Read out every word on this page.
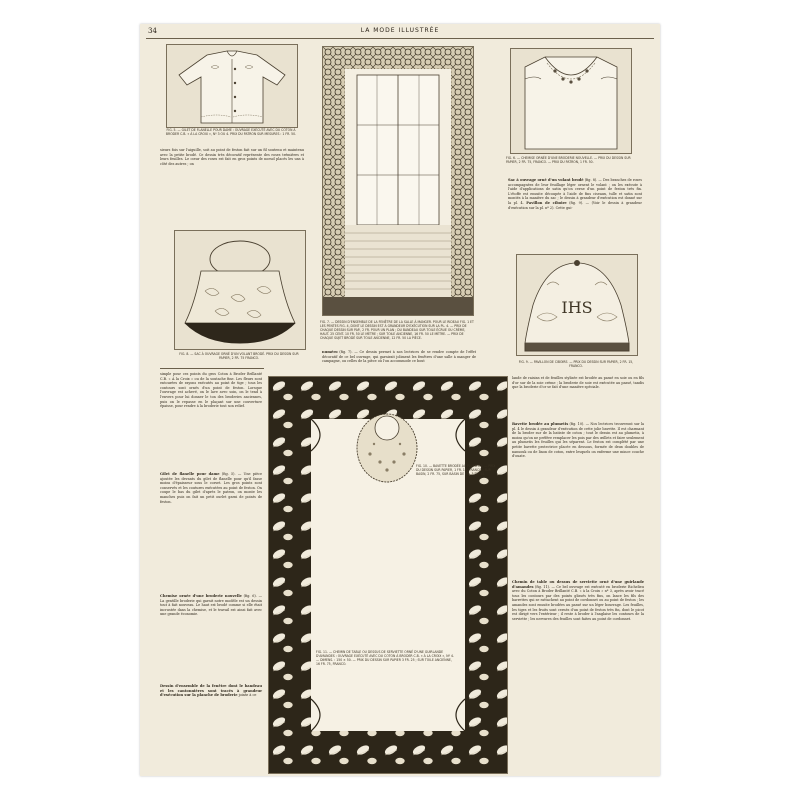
34	LA MODE ILLUSTRÉE
FIG. 5. — GILET DE FLANELLE POUR DAME : OUVRAGE EXÉCUTÉ AVEC DU COTON À BRODER C.B. « À LA CROIX », Nº 3 OU 4. PRIX DU PATRON SUR MESURES : 1 FR. 50.
sieurs fois sur l'aiguille, soit au point de feston fait sur un fil soutenu et maintenu avec la petite brodé. Ce dessin très décoratif représente des roses trémières et leurs feuilles. Le cœur des roses est fait en gros points de noeud placés les uns à côté des autres ; on
FIG. 7. — DESSIN D'ENSEMBLE DE LA FENÊTRE DE LA SALLE À MANGER. POUR LE RIDEAU FIG. 1 ET LES PENTES FIG. 4, DONT LE DESSIN EST À GRANDEUR D'EXÉCUTION SUR LA PL. 4. — PRIX DE CHAQUE DESSIN SUR PAP., 2 FR. POUR UN PLAN ; DU BANDEAU SUR TOILE ÉCRUE OU CRÈME, HAUT. 25 CENT. 10 FR. 50 LE MÈTRE ; SUR TOILE ANCIENNE, 16 FR. 50 LE MÈTRE. — PRIX DE CHAQUE SUJET BRODÉ SUR TOILE ANCIENNE, 12 FR. 50 LA PIÈCE.
FIG. 6. — CHEMISE ORNÉE D'UNE BRODERIE NOUVELLE. — PRIX DU DESSIN SUR PAPIER, 2 FR. 75, FRANCO. — PRIX DU PATRON, 1 FR. 50.
Sac à ouvrage orné d'un volant brodé (fig. 8). — Des branches de roses accompagnées de leur feuillage léger ornent le volant ; on les exécute à l'aide d'applications de satin qu'on cerne d'un point de feston très fin. L'étoffe est ensuite découpée à l'aide de fins ciseaux, tulle et satin sont montés à la manière du sac ; le dessin à grandeur d'exécution est donné sur la pl. 4. Pavillon de ciboire (fig. 9). — (Voir le dessin à grandeur d'exécution sur la pl. nº 2). Cette gui-
FIG. 8. — SAC À OUVRAGE ORNÉ D'UN VOLANT BRODÉ. PRIX DU DESSIN SUR PAPIER, 2 FR. 75 FRANCO.
IHS
FIG. 9. — PAVILLON DE CIBOIRE. — PRIX DU DESSIN SUR PAPIER, 2 FR. 15, FRANCO.
numéro (fig. 7). — Ce dessin permet à nos lectrices de se rendre compte de l'effet décoratif de ce bel ouvrage, qui garnirait joliment les fenêtres d'une salle à manger de campagne, ou celles de la pièce où l'on accommode ce bout
simple pour ces points du gros Coton à Broder Brillanté C.B. « À la Croix » ou de la soutache fine. Les fleurs sont entourées de rayons exécutés au point de tige ; tous les contours sont ornés d'un point de feston. Lorsque l'ouvrage est achevé, on le lave avec soin, on le tend à l'envers pour lui donner le ton des broderies anciennes, puis on le repasse en le plaçant sur une couverture épaisse, pour rendre à la broderie tout son relief.
Gilet de flanelle pour dame (fig. 5). — Une pièce ajoutée les devants du gilet de flanelle pour qu'il fasse moins d'épaisseur sous le corset. Les gros points sont conservés et les coutures exécutées au point de feston. On coupe le bas du gilet d'après le patron, on monte les manches puis on fait un petit ourlet garni de points de feston.
Chemise ornée d'une broderie nouvelle (fig. 6). — La gentille broderie qui garnit notre modèle est un dessin tout à fait nouveau. Le haut est brodé comme si elle était incrustée dans la chemise, et le travail est ainsi fait avec une grande économie.
Dessin d'ensemble de la fenêtre dont le bandeau et les cantonnières sont tracés à grandeur d'exécution sur la planche de broderie jointe à ce
FIG. 10. — BAVETTE BRODÉE AU PLUMETIS. — PRIX DU DESSIN SUR PAPIER, 1 FR. 15, FRANCO ; SUR BASIN, 2 FR. 75, SUR BASIN DE FIL, 3 FR. 50.
FIG. 11. — CHEMIN DE TABLE OU DESSUS DE SERVIETTE ORNÉ D'UNE GUIRLANDE D'AMANDES : OUVRAGE EXÉCUTÉ AVEC DU COTON À BRODER C.B. « À LA CROIX », Nº 4. — DIMENS. : 150 × 50. — PRIX DU DESSIN SUR PAPIER 3 FR. 25 ; SUR TOILE ANCIENNE, 16 FR. 75, FRANCO.
lande de raisins et de feuilles stylisée est brodée au passé en soie ou en fils d'or sur de la soie crème ; la broderie de soie est exécutée au passé, tandis que la broderie d'or se fait d'une manière spéciale.
Bavette brodée au plumetis (fig. 10). — Nos lectrices trouveront sur la pl. 4 le dessin à grandeur d'exécution de cette jolie bavette. Il est charmant de la broder sur de la batiste de coton ; tout le dessin est au plumetis, à moins qu'on ne préfère remplacer les pois par des œillets et faire seulement au plumetis les feuilles qui les séparent. Le feston est complété par une petite bavette protectrice placée en dessous, formée de deux doubles de nansouk ou de linon de coton, entre lesquels on enferme une mince couche d'ouate.
Chemin de table ou dessus de serviette orné d'une guirlande d'amandes (fig. 11). — Ce bel ouvrage est exécuté en broderie Richelieu avec du Coton à Broder Brillanté C.B. « à la Croix » nº 3, après avoir tracé tous les contours par des points glissés très fins, on lance les fils des barrettes qui se rattachent au point de cordonnet ou au point de feston ; les amandes sont ensuite brodées au passé sur un léger bourrage. Les feuilles, les tiges et les fruits sont cernés d'un point de feston très fin, dont le picot est dirigé vers l'extérieur ; il reste à broder à l'anglaise les contours de la serviette ; les nervures des feuilles sont faites au point de cordonnet.
